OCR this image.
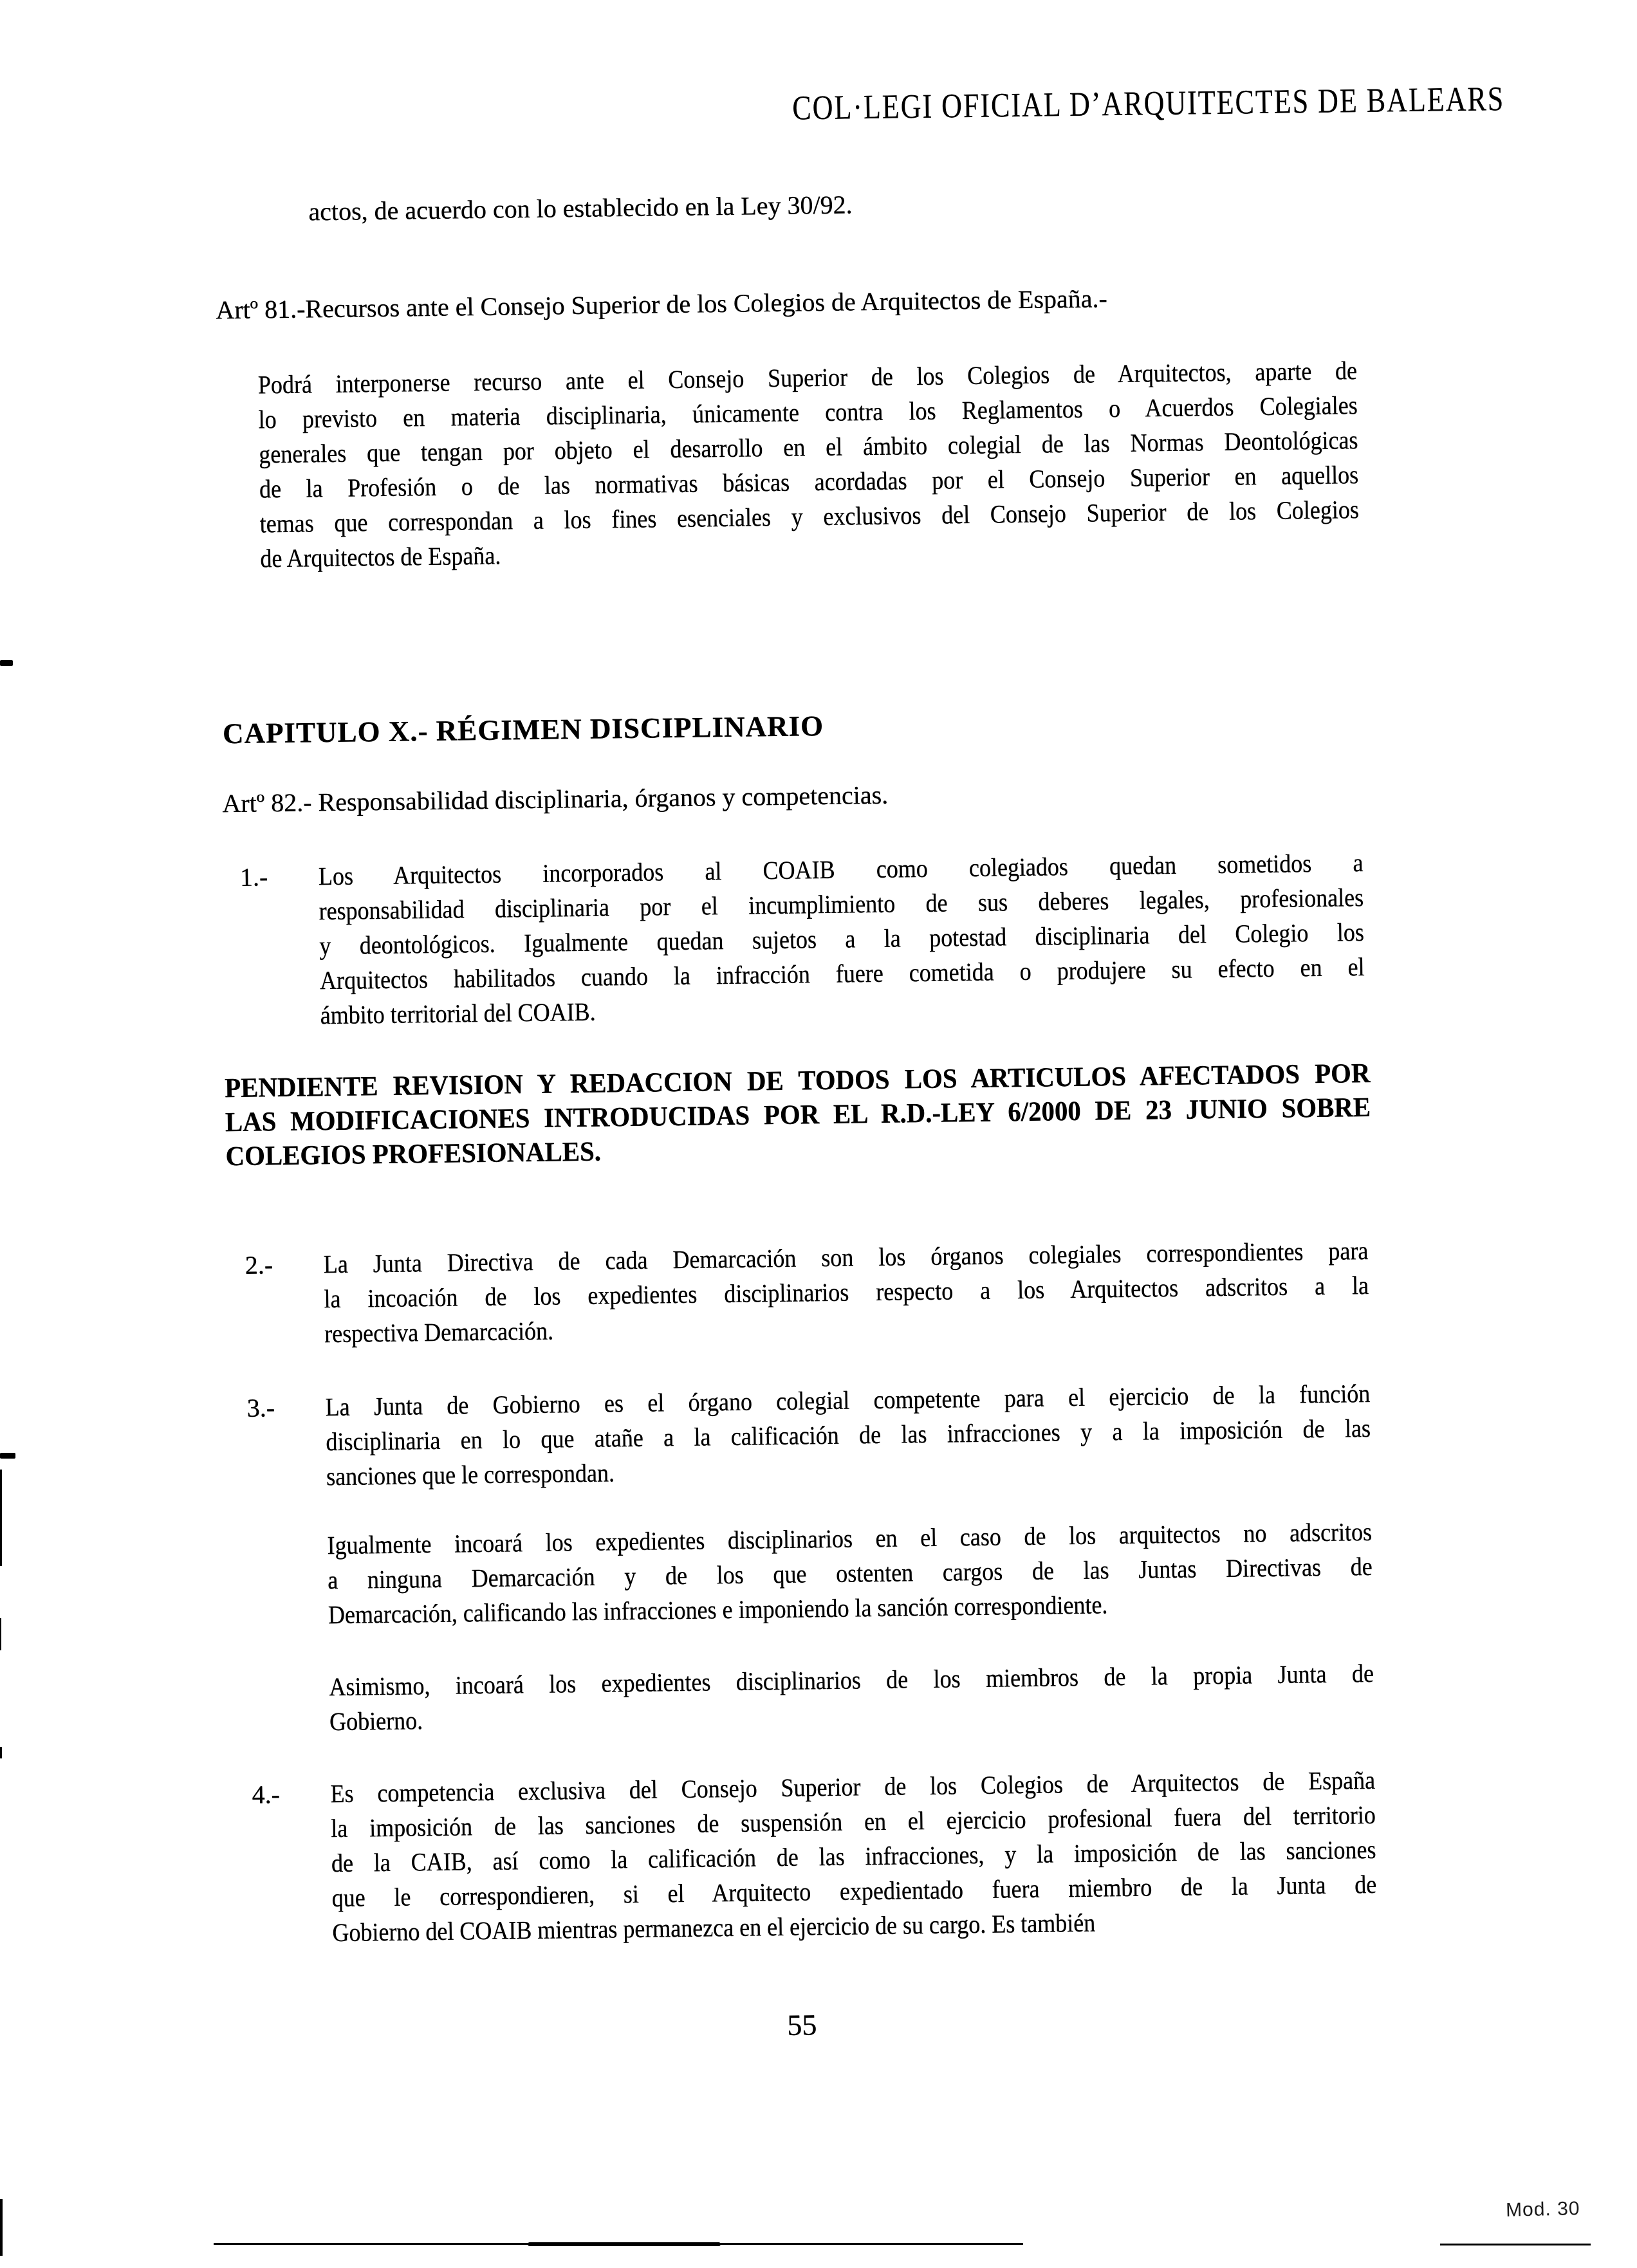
COL·LEGI OFICIAL D’ARQUITECTES DE BALEARS
actos, de acuerdo con lo establecido en la Ley 30/92.
Artº 81.-Recursos ante el Consejo Superior de los Colegios de Arquitectos de España.-
Podrá interponerse recurso ante el Consejo Superior de los Colegios de Arquitectos, aparte de
lo previsto en materia disciplinaria, únicamente contra los Reglamentos o Acuerdos Colegiales
generales que tengan por objeto el desarrollo en el ámbito colegial de las Normas Deontológicas
de la Profesión o de las normativas básicas acordadas por el Consejo Superior en aquellos
temas que correspondan a los fines esenciales y exclusivos del Consejo Superior de los Colegios
de Arquitectos de España.
CAPITULO X.- RÉGIMEN DISCIPLINARIO
Artº 82.- Responsabilidad disciplinaria, órganos y competencias.
1.- Los Arquitectos incorporados al COAIB como colegiados quedan sometidos a
responsabilidad disciplinaria por el incumplimiento de sus deberes legales, profesionales
y deontológicos. Igualmente quedan sujetos a la potestad disciplinaria del Colegio los
Arquitectos habilitados cuando la infracción fuere cometida o produjere su efecto en el
ámbito territorial del COAIB.
PENDIENTE REVISION Y REDACCION DE TODOS LOS ARTICULOS AFECTADOS POR
LAS MODIFICACIONES INTRODUCIDAS POR EL R.D.-LEY 6/2000 DE 23 JUNIO SOBRE
COLEGIOS PROFESIONALES.
2.- La Junta Directiva de cada Demarcación son los órganos colegiales correspondientes para
la incoación de los expedientes disciplinarios respecto a los Arquitectos adscritos a la
respectiva Demarcación.
3.- La Junta de Gobierno es el órgano colegial competente para el ejercicio de la función
disciplinaria en lo que atañe a la calificación de las infracciones y a la imposición de las
sanciones que le correspondan.
Igualmente incoará los expedientes disciplinarios en el caso de los arquitectos no adscritos
a ninguna Demarcación y de los que ostenten cargos de las Juntas Directivas de
Demarcación, calificando las infracciones e imponiendo la sanción correspondiente.
Asimismo, incoará los expedientes disciplinarios de los miembros de la propia Junta de
Gobierno.
4.- Es competencia exclusiva del Consejo Superior de los Colegios de Arquitectos de España
la imposición de las sanciones de suspensión en el ejercicio profesional fuera del territorio
de la CAIB, así como la calificación de las infracciones, y la imposición de las sanciones
que le correspondieren, si el Arquitecto expedientado fuera miembro de la Junta de
Gobierno del COAIB mientras permanezca en el ejercicio de su cargo. Es también
55
Mod. 30
